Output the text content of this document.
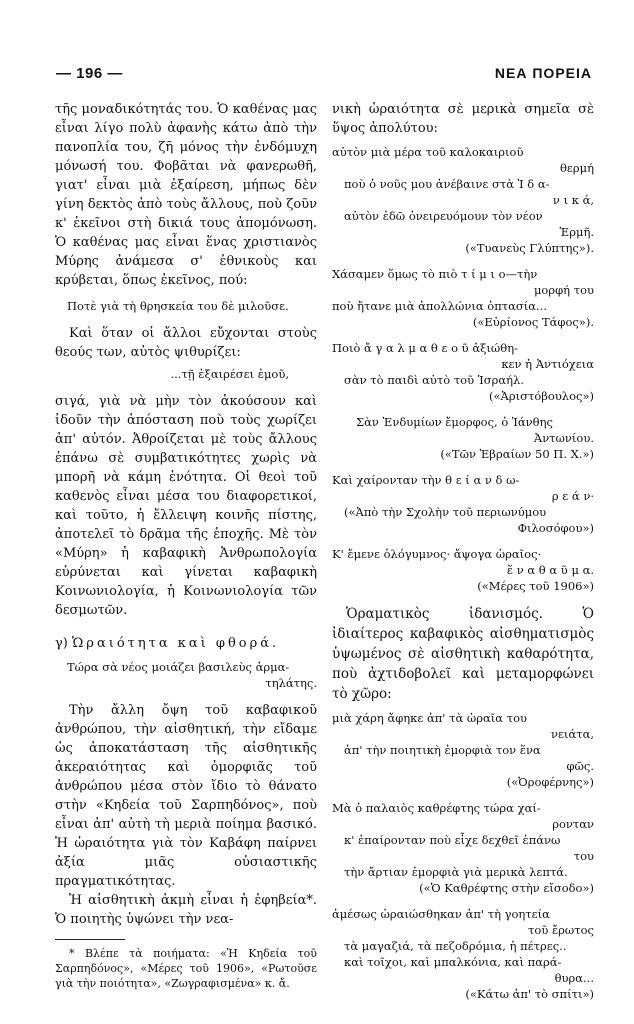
— 196 —	ΝΕΑ ΠΟΡΕΙΑ

τῆς μοναδικότητάς του. Ὁ καθένας μας εἶναι λίγο πολὺ ἀφανὴς κάτω ἀπὸ τὴν πανοπλία του, ζῆ μόνος τὴν ἐνδόμυχη μόνωσή του. Φοβᾶται νὰ φανερωθῆ, γιατ' εἶναι μιὰ ἐξαίρεση, μήπως δὲν γίνη δεκτὸς ἀπὸ τοὺς ἄλλους, ποὺ ζοῦν κ' ἐκεῖνοι στὴ δικιά τους ἀπομόνωση. Ὁ καθένας μας εἶναι ἕνας χριστιανὸς Μύρης ἀνάμεσα σ' ἐθνικοὺς και κρύβεται, ὅπως ἐκεῖνος, πού:

Ποτὲ γιὰ τὴ θρησκεία του δὲ μιλοῦσε.

Καὶ ὅταν οἱ ἄλλοι εὔχονται στοὺς θεούς των, αὐτὸς ψιθυρίζει:

...τῇ ἐξαιρέσει ἐμοῦ,

σιγά, γιὰ νὰ μὴν τὸν ἀκούσουν καὶ ἰδοῦν τὴν ἀπόσταση ποὺ τοὺς χωρίζει ἀπ' αὐτόν. Ἀθροίζεται μὲ τοὺς ἄλλους ἐπάνω σὲ συμβατικότητες χωρὶς νὰ μπορῆ νὰ κάμη ἑνότητα. Οἱ θεοὶ τοῦ καθενὸς εἶναι μέσα του διαφορετικοί, καὶ τοῦτο, ἡ ἔλλειψη κοινῆς πίστης, ἀποτελεῖ τὸ δρᾶμα τῆς ἐποχῆς. Μὲ τὸν «Μύρη» ἡ καβαφικὴ Ἀνθρωπολογία εὐρύνεται καὶ γίνεται καβαφικὴ Κοινωνιολογία, ἡ Κοινωνιολογία τῶν δεσμωτῶν.

γ) Ὡραιότητα καὶ φθορά.
Τώρα σὰ νέος μοιάζει βασιλεὺς ἁρμα-
τηλάτης.

Τὴν ἄλλη ὄψη τοῦ καβαφικοῦ ἀνθρώπου, τὴν αἰσθητική, τὴν εἴδαμε ὡς ἀποκατάσταση τῆς αἰσθητικῆς ἀκεραιότητας καὶ ὁμορφιᾶς τοῦ ἀνθρώπου μέσα στὸν ἴδιο τὸ θάνατο στὴν «Κηδεία τοῦ Σαρπηδόνος», ποὺ εἶναι ἀπ' αὐτὴ τὴ μεριὰ ποίημα βασικό. Ἡ ὡραιότητα γιὰ τὸν Καβάφη παίρνει ἀξία μιᾶς οὐσιαστικῆς πραγματικότητας.

Ἡ αἰσθητικὴ ἀκμὴ εἶναι ἡ ἐφηβεία*. Ὁ ποιητὴς ὑψώνει τὴν νεα-

* Βλέπε τὰ ποιήματα: «Ἡ Κηδεία τοῦ Σαρπηδόνος», «Μέρες τοῦ 1906», «Ρωτοῦσε γιὰ τὴν ποιότητα», «Ζωγραφισμένα» κ. ἄ.

νικὴ ὡραιότητα σὲ μερικὰ σημεῖα σὲ ὕψος ἀπολύτου:

αὐτὸν μιὰ μέρα τοῦ καλοκαιριοῦ
θερμή
ποὺ ὁ νοῦς μου ἀνέβαινε στὰ Ἰ δ α-
ν ι κ ά,
αὐτὸν ἐδῶ ὀνειρευόμουν τὸν νέον
Ἑρμῆ.
(«Τυανεὺς Γλύπτης»).
Χάσαμεν ὅμως τὸ πιὸ τ ί μ ι ο—τὴν
μορφή του
ποὺ ἤτανε μιὰ ἀπολλώνια ὀπτασία...
(«Εὐρίονος Τάφος»).
Ποιὸ ἄ γ α λ μ α θ ε ο ῦ ἀξιώθη-
κεν ἡ Ἀντιόχεια
σὰν τὸ παιδὶ αὐτὸ τοῦ Ἰσραήλ.
(«Ἀριστόβουλος»)
Σὰν Ἐνδυμίων ἔμορφος, ὁ Ἰάνθης
Ἀντωνίου.
(«Τῶν Ἑβραίων 50 Π. Χ.»)
Καὶ χαίρονταν τὴν θ ε ί α ν δ ω-
ρ ε ά ν·
(«Ἀπὸ τὴν Σχολὴν τοῦ περιωνύμου
Φιλοσόφου»)
Κ' ἔμενε ὁλόγυμνος· ἄψογα ὡραῖος·
ἕ ν α θ α ῦ μ α.
(«Μέρες τοῦ 1906»)

Ὁραματικὸς ἰδανισμός. Ὁ ἰδιαίτερος καβαφικὸς αἰσθηματισμὸς ὑψωμένος σὲ αἰσθητικὴ καθαρότητα, ποὺ ἀχτιδοβολεῖ καὶ μεταμορφώνει τὸ χῶρο:

μιὰ χάρη ἄφηκε ἀπ' τὰ ὡραῖα του
νειάτα,
ἀπ' τὴν ποιητικὴ ἐμορφιὰ τον ἕνα
φῶς.
(«Ὀροφέρνης»)
Μὰ ὁ παλαιὸς καθρέφτης τώρα χαί-
ρονταν
κ' ἐπαίρονταν ποὺ εἶχε δεχθεῖ ἐπάνω
του
τὴν ἄρτιαν ἐμορφιὰ γιὰ μερικὰ λεπτά.
(«Ὁ Καθρέφτης στὴν εἴσοδο»)
ἀμέσως ὡραιώσθηκαν ἀπ' τὴ γοητεία
τοῦ ἔρωτος
τὰ μαγαζιά, τὰ πεζοδρόμια, ἡ πέτρες..
καὶ τοῖχοι, καὶ μπαλκόνια, καὶ παρά-
θυρα...
(«Κάτω ἀπ' τὸ σπίτι»)
